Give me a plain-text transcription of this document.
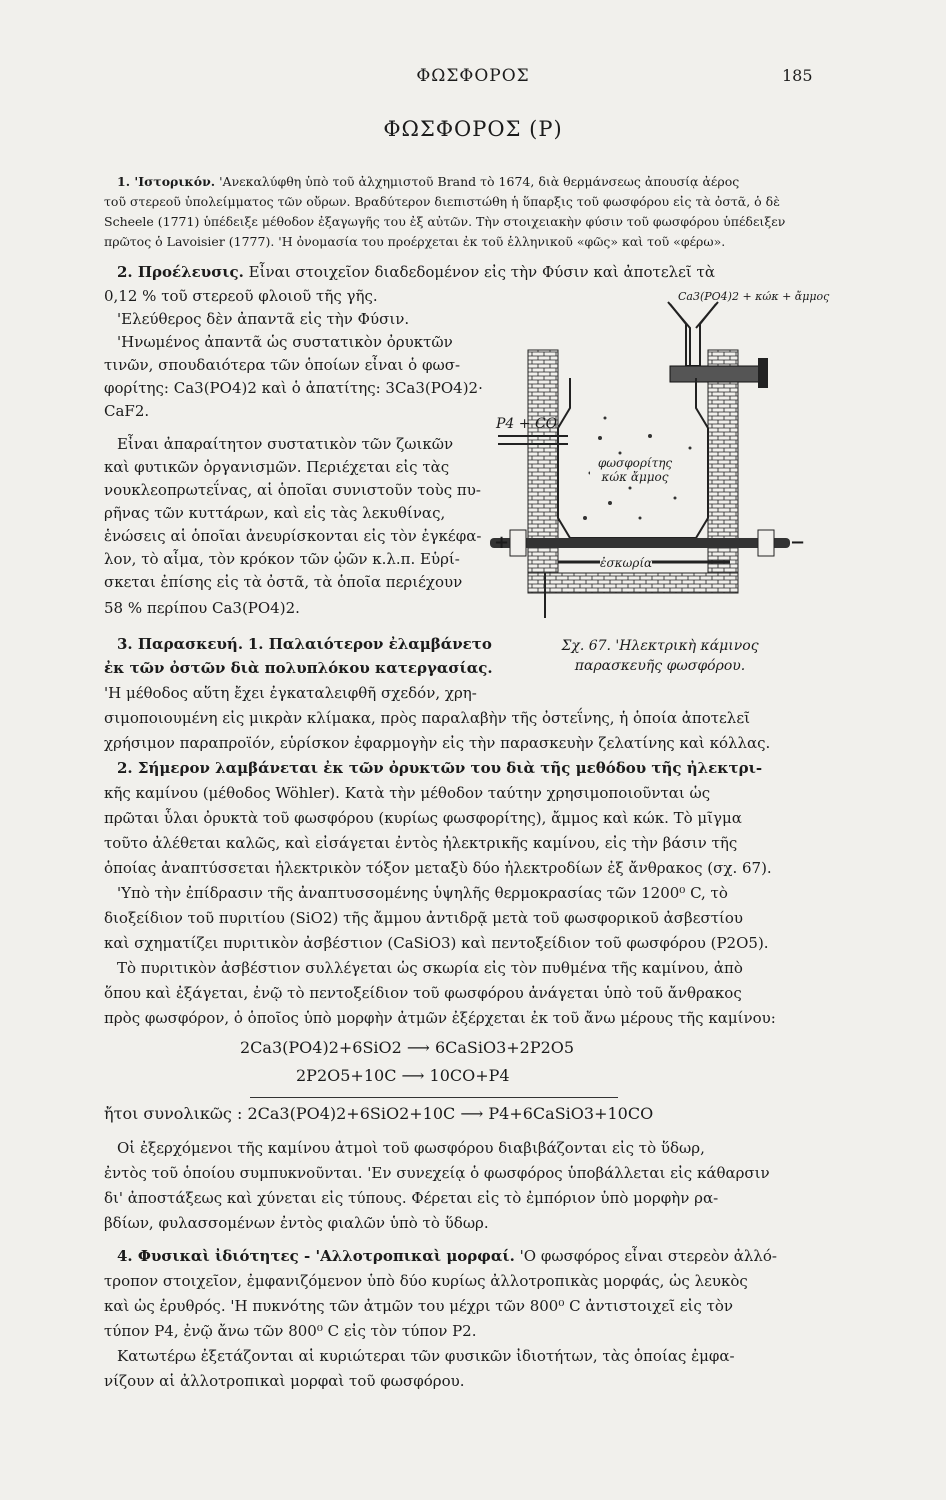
ΦΩΣΦΟΡΟΣ	185
ΦΩΣΦΟΡΟΣ (P)
1. 'Ιστορικόν. 'Ανεκαλύφθη ὑπὸ τοῦ ἀλχημιστοῦ Brand τὸ 1674, διὰ θερμάνσεως ἀπουσίᾳ ἀέρος
τοῦ στερεοῦ ὑπολείμματος τῶν οὔρων. Βραδύτερον διεπιστώθη ἡ ὕπαρξις τοῦ φωσφόρου εἰς τὰ ὀστᾶ, ὁ δὲ
Scheele (1771) ὑπέδειξε μέθοδον ἐξαγωγῆς του ἐξ αὐτῶν. Τὴν στοιχειακὴν φύσιν τοῦ φωσφόρου ὑπέδειξεν
πρῶτος ὁ Lavoisier (1777). 'Η ὀνομασία του προέρχεται ἐκ τοῦ ἑλληνικοῦ «φῶς» καὶ τοῦ «φέρω».
2. Προέλευσις. Εἶναι στοιχεῖον διαδεδομένον εἰς τὴν Φύσιν καὶ ἀποτελεῖ τὰ
0,12 % τοῦ στερεοῦ φλοιοῦ τῆς γῆς.
'Ελεύθερος δὲν ἀπαντᾶ εἰς τὴν Φύσιν.
'Ηνωμένος ἀπαντᾶ ὡς συστατικὸν ὀρυκτῶν
τινῶν, σπουδαιότερα τῶν ὁποίων εἶναι ὁ φωσ-
φορίτης: Ca3(PO4)2 καὶ ὁ ἀπατίτης: 3Ca3(PO4)2·
CaF2.
Εἶναι ἀπαραίτητον συστατικὸν τῶν ζωικῶν
καὶ φυτικῶν ὀργανισμῶν. Περιέχεται εἰς τὰς
νουκλεοπρωτεΐνας, αἱ ὁποῖαι συνιστοῦν τοὺς πυ-
ρῆνας τῶν κυττάρων, καὶ εἰς τὰς λεκυθίνας,
ἑνώσεις αἱ ὁποῖαι ἀνευρίσκονται εἰς τὸν ἐγκέφα-
λον, τὸ αἷμα, τὸν κρόκον τῶν ᾠῶν κ.λ.π. Εὑρί-
σκεται ἐπίσης εἰς τὰ ὀστᾶ, τὰ ὁποῖα περιέχουν
58 % περίπου Ca3(PO4)2.
Ca3(PO4)2 + κώκ + ἄμμος
P4 + CO
φωσφορίτης κώκ ἄμμος
ἐσκωρία
+	−
Σχ. 67. 'Ηλεκτρικὴ κάμινος
παρασκευῆς φωσφόρου.
3. Παρασκευή. 1. Παλαιότερον ἐλαμβάνετο
ἐκ τῶν ὀστῶν διὰ πολυπλόκου κατεργασίας.
'Η μέθοδος αὕτη ἔχει ἐγκαταλειφθῆ σχεδόν, χρη-
σιμοποιουμένη εἰς μικρὰν κλίμακα, πρὸς παραλαβὴν τῆς ὀστεΐνης, ἡ ὁποία ἀποτελεῖ
χρήσιμον παραπροϊόν, εὑρίσκον ἐφαρμογὴν εἰς τὴν παρασκευὴν ζελατίνης καὶ κόλλας.
2. Σήμερον λαμβάνεται ἐκ τῶν ὀρυκτῶν του διὰ τῆς μεθόδου τῆς ἠλεκτρι-
κῆς καμίνου (μέθοδος Wöhler). Κατὰ τὴν μέθοδον ταύτην χρησιμοποιοῦνται ὡς
πρῶται ὗλαι ὀρυκτὰ τοῦ φωσφόρου (κυρίως φωσφορίτης), ἄμμος καὶ κώκ. Τὸ μῖγμα
τοῦτο ἀλέθεται καλῶς, καὶ εἰσάγεται ἐντὸς ἠλεκτρικῆς καμίνου, εἰς τὴν βάσιν τῆς
ὁποίας ἀναπτύσσεται ἠλεκτρικὸν τόξον μεταξὺ δύο ἠλεκτροδίων ἐξ ἄνθρακος (σχ. 67).
'Υπὸ τὴν ἐπίδρασιν τῆς ἀναπτυσσομένης ὑψηλῆς θερμοκρασίας τῶν 1200⁰ C, τὸ
διοξείδιον τοῦ πυριτίου (SiO2) τῆς ἄμμου ἀντιδρᾷ μετὰ τοῦ φωσφορικοῦ ἀσβεστίου
καὶ σχηματίζει πυριτικὸν ἀσβέστιον (CaSiO3) καὶ πεντοξείδιον τοῦ φωσφόρου (P2O5).
Τὸ πυριτικὸν ἀσβέστιον συλλέγεται ὡς σκωρία εἰς τὸν πυθμένα τῆς καμίνου, ἀπὸ
ὅπου καὶ ἐξάγεται, ἐνῷ τὸ πεντοξείδιον τοῦ φωσφόρου ἀνάγεται ὑπὸ τοῦ ἄνθρακος
πρὸς φωσφόρον, ὁ ὁποῖος ὑπὸ μορφὴν ἀτμῶν ἐξέρχεται ἐκ τοῦ ἄνω μέρους τῆς καμίνου:
2Ca3(PO4)2+6SiO2 ⟶ 6CaSiO3+2P2O5
2P2O5+10C ⟶ 10CO+P4
ἤτοι συνολικῶς : 2Ca3(PO4)2+6SiO2+10C ⟶ P4+6CaSiO3+10CO
Οἱ ἐξερχόμενοι τῆς καμίνου ἀτμοὶ τοῦ φωσφόρου διαβιβάζονται εἰς τὸ ὕδωρ,
ἐντὸς τοῦ ὁποίου συμπυκνοῦνται. 'Εν συνεχείᾳ ὁ φωσφόρος ὑποβάλλεται εἰς κάθαρσιν
δι' ἀποστάξεως καὶ χύνεται εἰς τύπους. Φέρεται εἰς τὸ ἐμπόριον ὑπὸ μορφὴν ρα-
βδίων, φυλασσομένων ἐντὸς φιαλῶν ὑπὸ τὸ ὕδωρ.
4. Φυσικαὶ ἰδιότητες - 'Αλλοτροπικαὶ μορφαί. 'Ο φωσφόρος εἶναι στερεὸν ἀλλό-
τροπον στοιχεῖον, ἐμφανιζόμενον ὑπὸ δύο κυρίως ἀλλοτροπικὰς μορφάς, ὡς λευκὸς
καὶ ὡς ἐρυθρός. 'Η πυκνότης τῶν ἀτμῶν του μέχρι τῶν 800⁰ C ἀντιστοιχεῖ εἰς τὸν
τύπον P4, ἐνῷ ἄνω τῶν 800⁰ C εἰς τὸν τύπον P2.
Κατωτέρω ἐξετάζονται αἱ κυριώτεραι τῶν φυσικῶν ἰδιοτήτων, τὰς ὁποίας ἐμφα-
νίζουν αἱ ἀλλοτροπικαὶ μορφαὶ τοῦ φωσφόρου.
